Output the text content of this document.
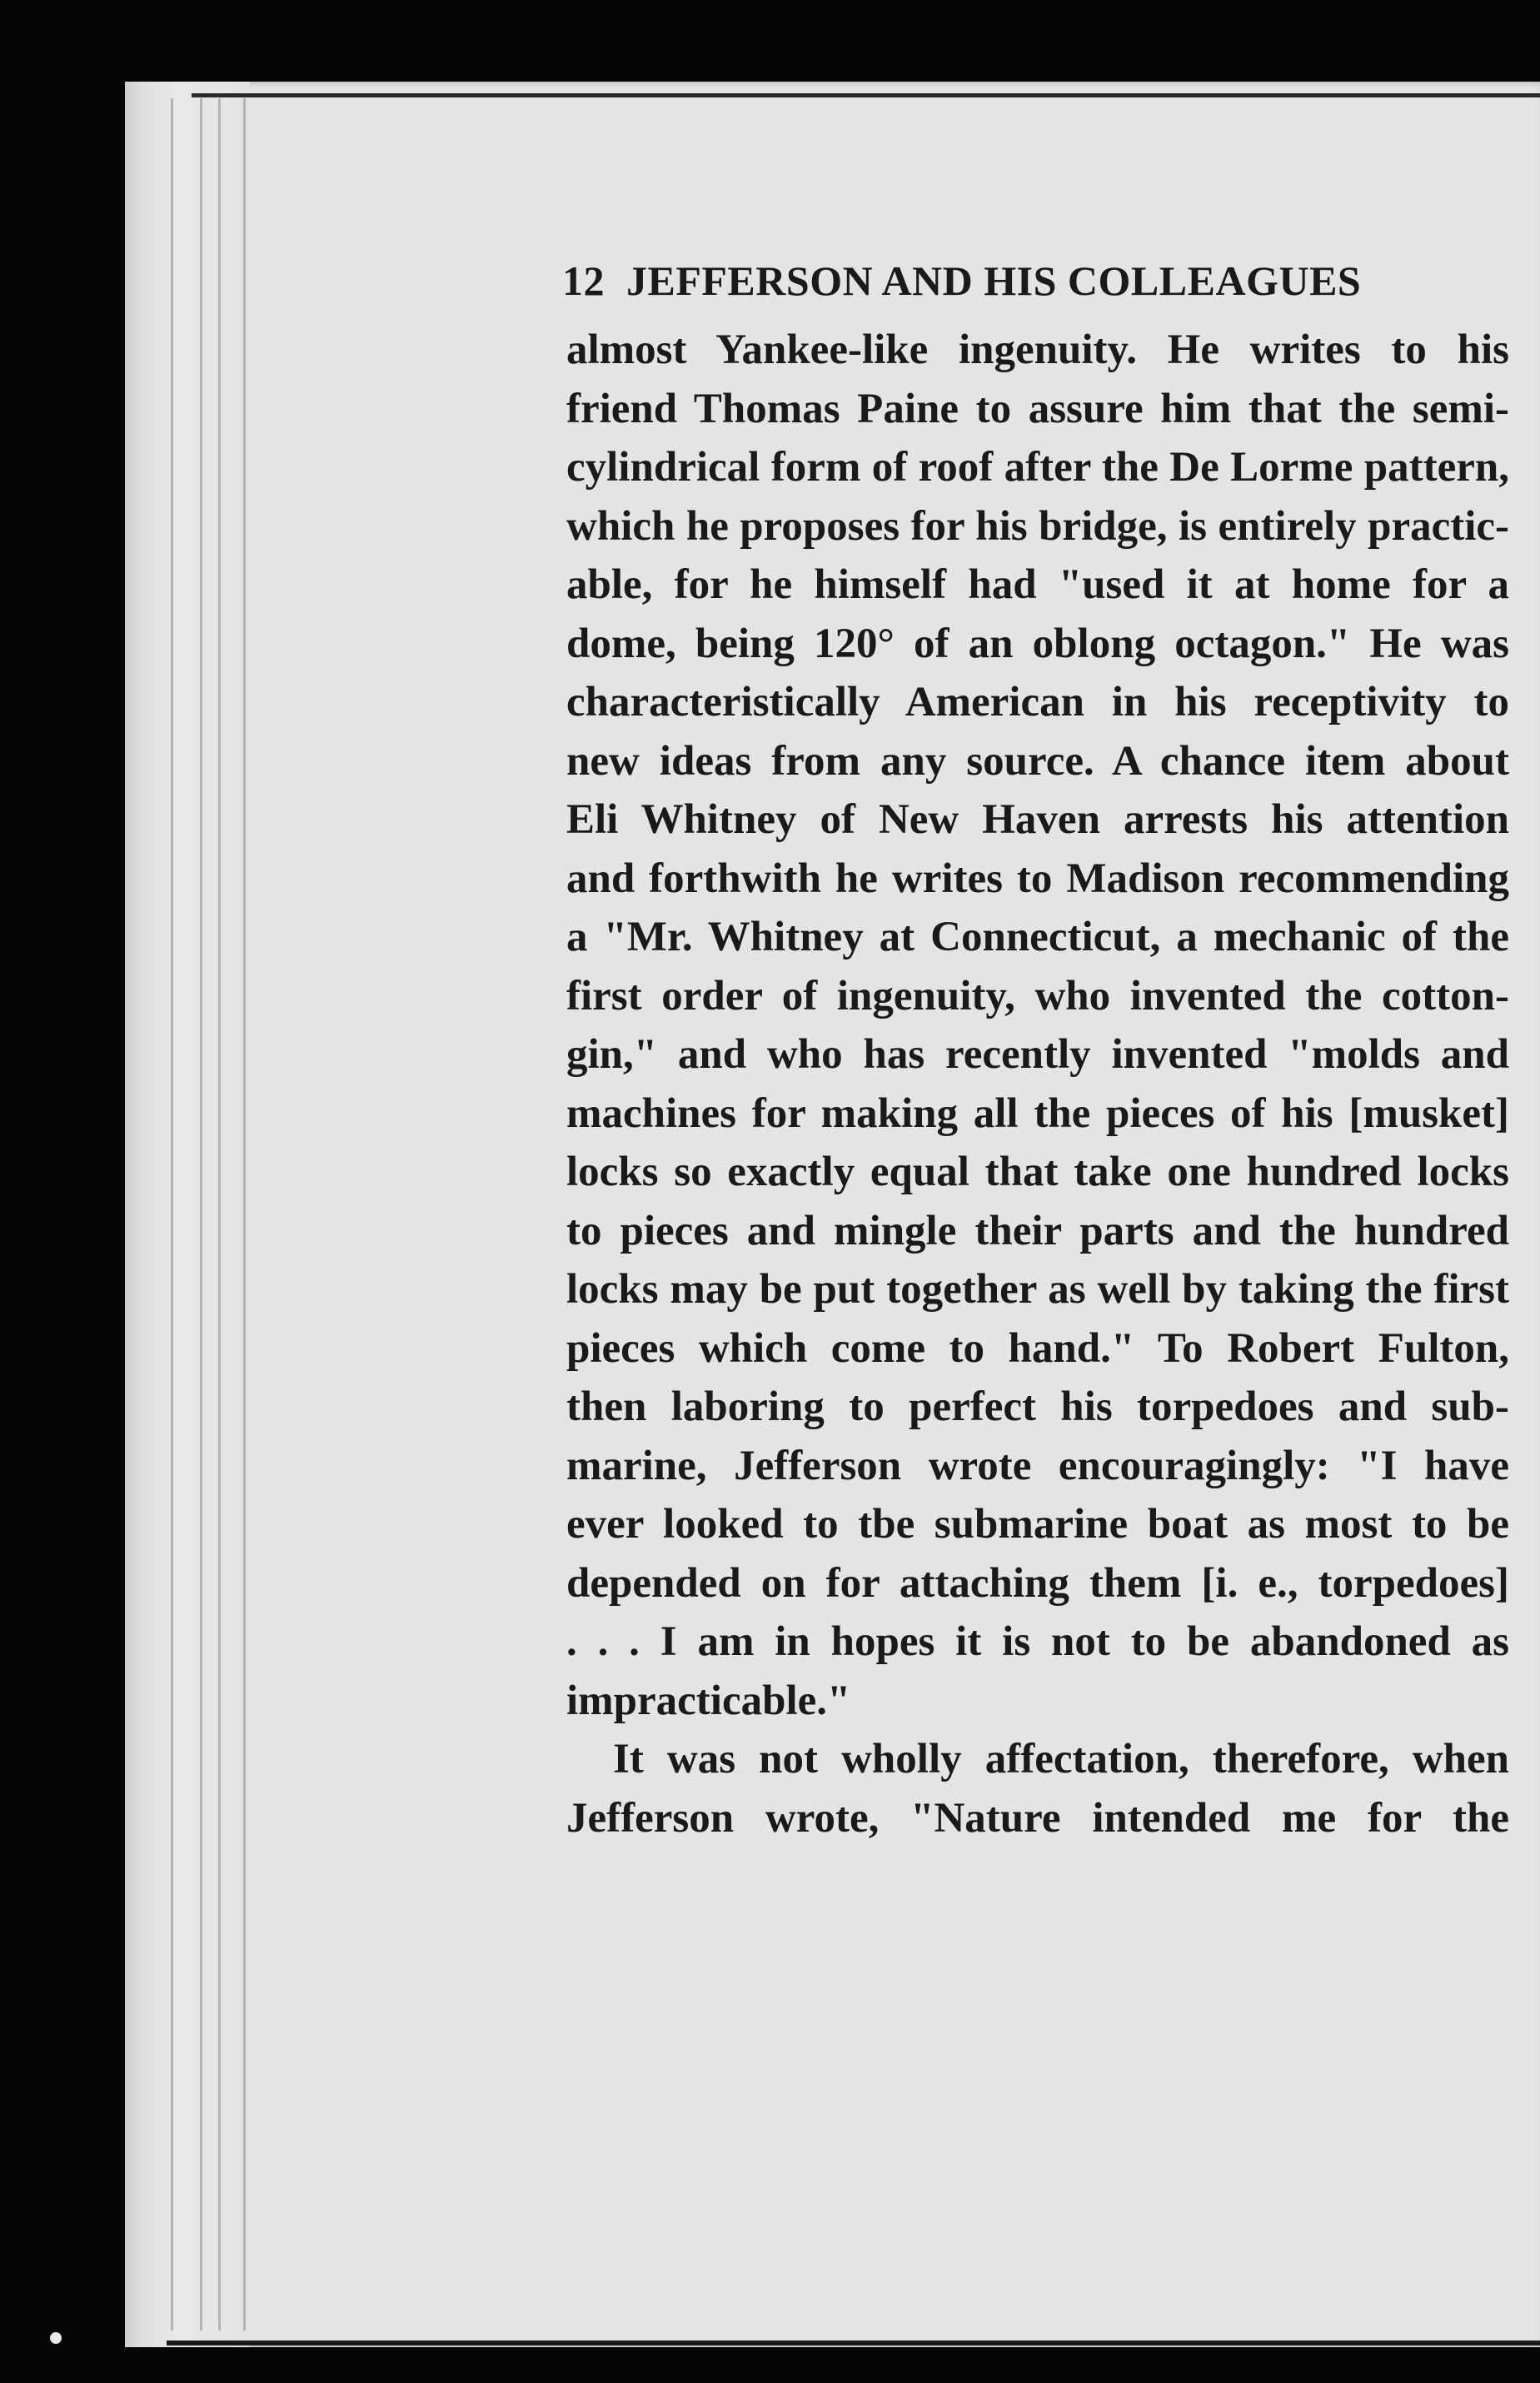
12 JEFFERSON AND HIS COLLEAGUES
almost Yankee-like ingenuity. He writes to his
friend Thomas Paine to assure him that the semi-
cylindrical form of roof after the De Lorme pattern,
which he proposes for his bridge, is entirely practic-
able, for he himself had "used it at home for a
dome, being 120° of an oblong octagon." He was
characteristically American in his receptivity to
new ideas from any source. A chance item about
Eli Whitney of New Haven arrests his attention
and forthwith he writes to Madison recommending
a "Mr. Whitney at Connecticut, a mechanic of the
first order of ingenuity, who invented the cotton-
gin," and who has recently invented "molds and
machines for making all the pieces of his [musket]
locks so exactly equal that take one hundred locks
to pieces and mingle their parts and the hundred
locks may be put together as well by taking the first
pieces which come to hand." To Robert Fulton,
then laboring to perfect his torpedoes and sub-
marine, Jefferson wrote encouragingly: "I have
ever looked to tbe submarine boat as most to be
depended on for attaching them [i. e., torpedoes]
. . . I am in hopes it is not to be abandoned as
impracticable."
It was not wholly affectation, therefore, when
Jefferson wrote, "Nature intended me for the
